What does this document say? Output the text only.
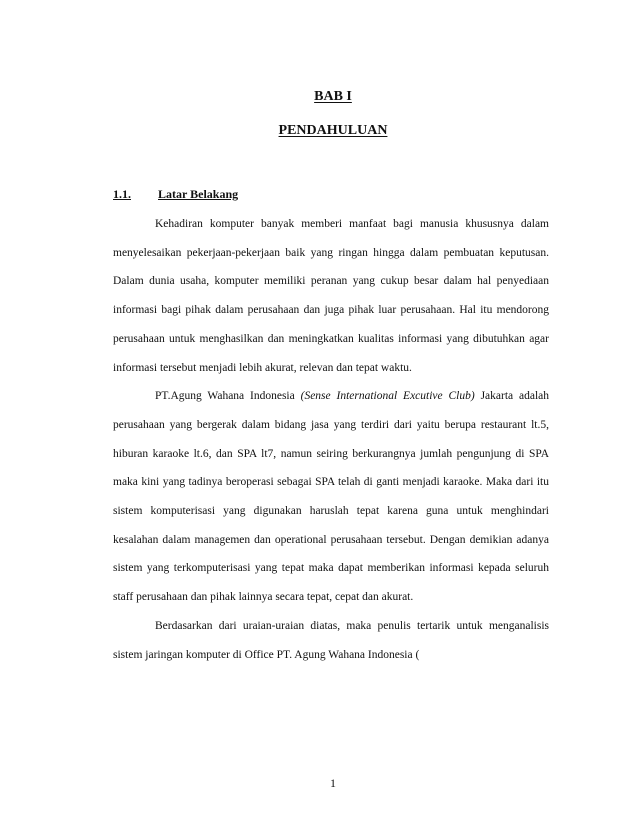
BAB I
PENDAHULUAN
1.1. Latar Belakang

Kehadiran komputer banyak memberi manfaat bagi manusia khususnya dalam menyelesaikan pekerjaan-pekerjaan baik yang ringan hingga dalam pembuatan keputusan. Dalam dunia usaha, komputer memiliki peranan yang cukup besar dalam hal penyediaan informasi bagi pihak dalam perusahaan dan juga pihak luar perusahaan. Hal itu mendorong perusahaan untuk menghasilkan dan meningkatkan kualitas informasi yang dibutuhkan agar informasi tersebut menjadi lebih akurat, relevan dan tepat waktu.

PT.Agung Wahana Indonesia (Sense International Excutive Club) Jakarta adalah perusahaan yang bergerak dalam bidang jasa yang terdiri dari yaitu berupa restaurant lt.5, hiburan karaoke lt.6, dan SPA lt7, namun seiring berkurangnya jumlah pengunjung di SPA maka kini yang tadinya beroperasi sebagai SPA telah di ganti menjadi karaoke. Maka dari itu sistem komputerisasi yang digunakan haruslah tepat karena guna untuk menghindari kesalahan dalam managemen dan operational perusahaan tersebut. Dengan demikian adanya sistem yang terkomputerisasi yang tepat maka dapat memberikan informasi kepada seluruh staff perusahaan dan pihak lainnya secara tepat, cepat dan akurat.

Berdasarkan dari uraian-uraian diatas, maka penulis tertarik untuk menganalisis sistem jaringan komputer di Office PT. Agung Wahana Indonesia (

1
